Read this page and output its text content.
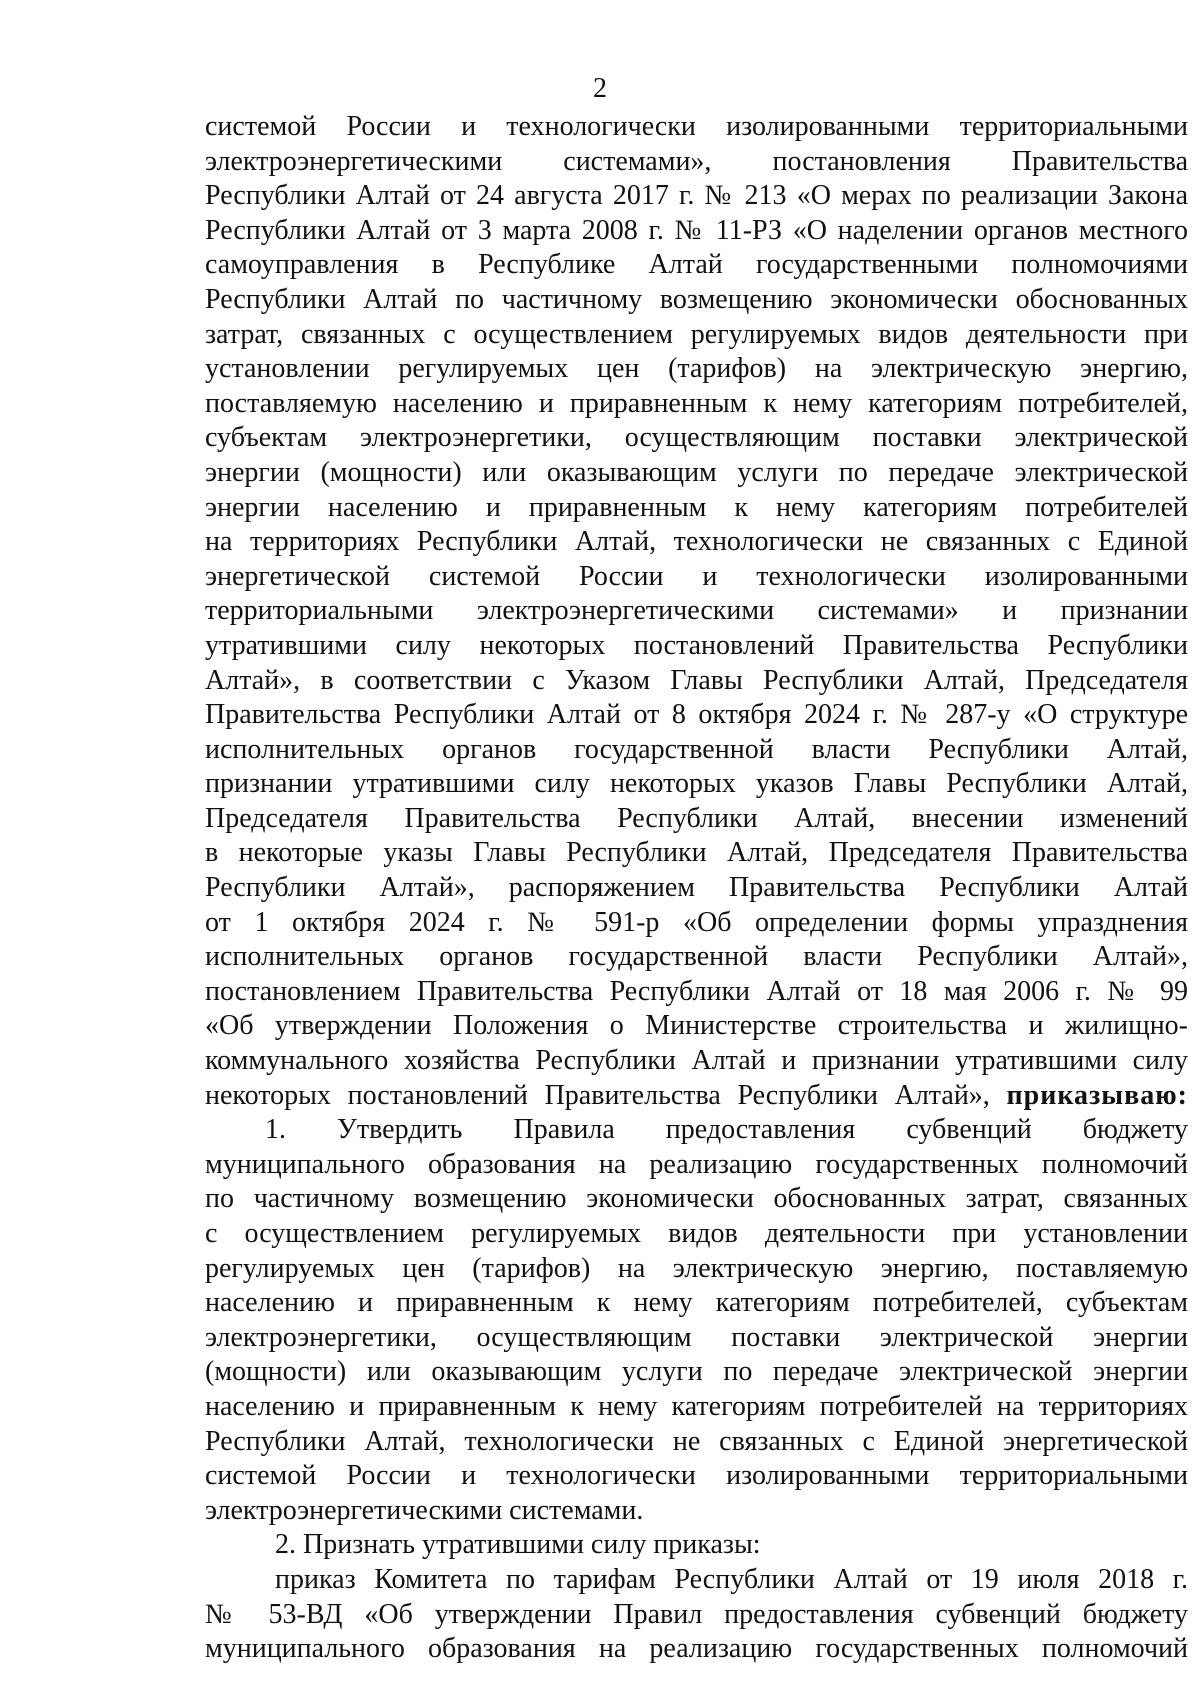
2
системой России и технологически изолированными территориальными
электроэнергетическими системами», постановления Правительства
Республики Алтай от 24 августа 2017 г. № 213 «О мерах по реализации Закона
Республики Алтай от 3 марта 2008 г. № 11-РЗ «О наделении органов местного
самоуправления в Республике Алтай государственными полномочиями
Республики Алтай по частичному возмещению экономически обоснованных
затрат, связанных с осуществлением регулируемых видов деятельности при
установлении регулируемых цен (тарифов) на электрическую энергию,
поставляемую населению и приравненным к нему категориям потребителей,
субъектам электроэнергетики, осуществляющим поставки электрической
энергии (мощности) или оказывающим услуги по передаче электрической
энергии населению и приравненным к нему категориям потребителей
на территориях Республики Алтай, технологически не связанных с Единой
энергетической системой России и технологически изолированными
территориальными электроэнергетическими системами» и признании
утратившими силу некоторых постановлений Правительства Республики
Алтай», в соответствии с Указом Главы Республики Алтай, Председателя
Правительства Республики Алтай от 8 октября 2024 г. № 287-у «О структуре
исполнительных органов государственной власти Республики Алтай,
признании утратившими силу некоторых указов Главы Республики Алтай,
Председателя Правительства Республики Алтай, внесении изменений
в некоторые указы Главы Республики Алтай, Председателя Правительства
Республики Алтай», распоряжением Правительства Республики Алтай
от 1 октября 2024 г. № 591-р «Об определении формы упразднения
исполнительных органов государственной власти Республики Алтай»,
постановлением Правительства Республики Алтай от 18 мая 2006 г. № 99
«Об утверждении Положения о Министерстве строительства и жилищно-
коммунального хозяйства Республики Алтай и признании утратившими силу
некоторых постановлений Правительства Республики Алтай», приказываю:
1. Утвердить Правила предоставления субвенций бюджету
муниципального образования на реализацию государственных полномочий
по частичному возмещению экономически обоснованных затрат, связанных
с осуществлением регулируемых видов деятельности при установлении
регулируемых цен (тарифов) на электрическую энергию, поставляемую
населению и приравненным к нему категориям потребителей, субъектам
электроэнергетики, осуществляющим поставки электрической энергии
(мощности) или оказывающим услуги по передаче электрической энергии
населению и приравненным к нему категориям потребителей на территориях
Республики Алтай, технологически не связанных с Единой энергетической
системой России и технологически изолированными территориальными
электроэнергетическими системами.
2. Признать утратившими силу приказы:
приказ Комитета по тарифам Республики Алтай от 19 июля 2018 г.
№ 53-ВД «Об утверждении Правил предоставления субвенций бюджету
муниципального образования на реализацию государственных полномочий
